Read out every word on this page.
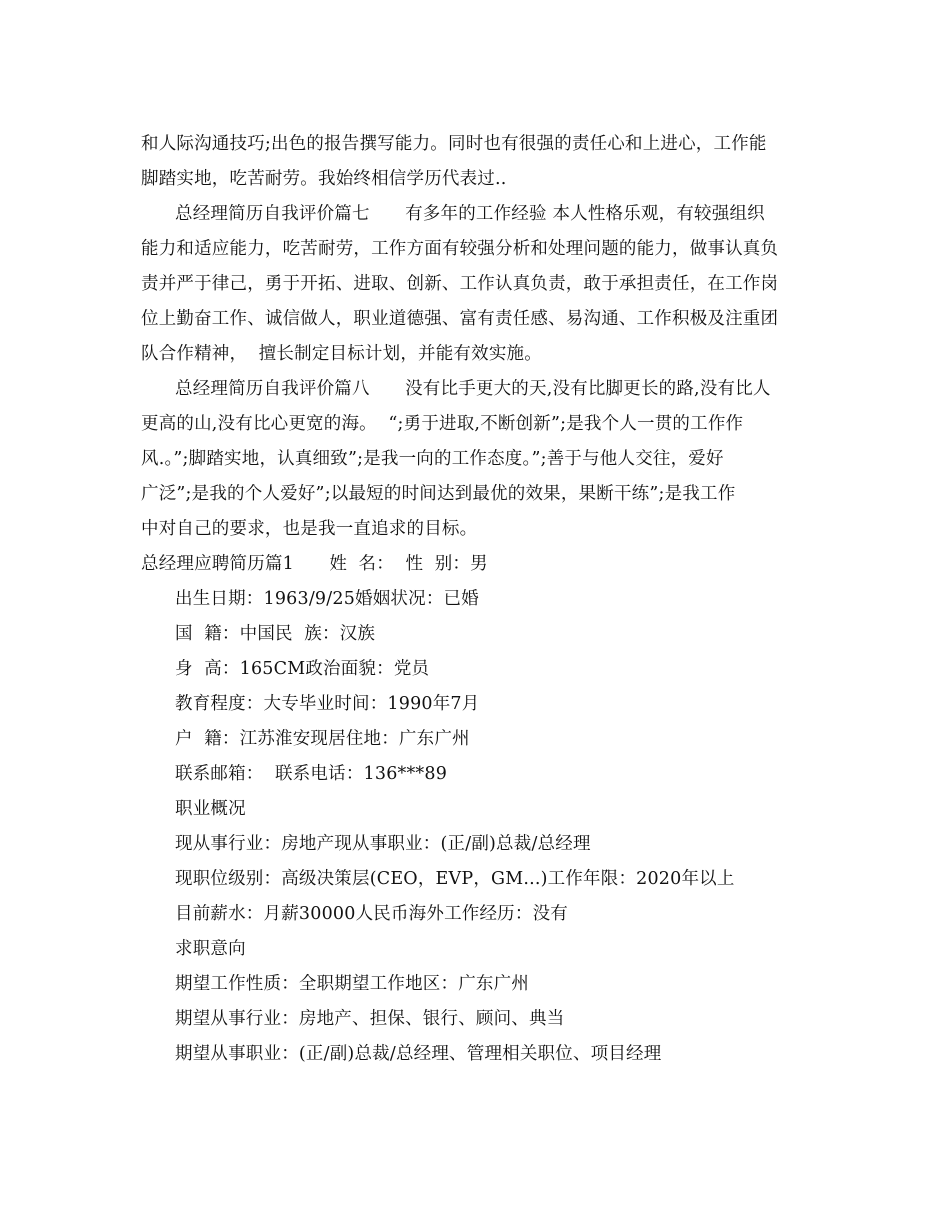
和人际沟通技巧;出色的报告撰写能力。同时也有很强的责任心和上进心，工作能
脚踏实地，吃苦耐劳。我始终相信学历代表过..
总经理简历自我评价篇七　　有多年的工作经验 本人性格乐观，有较强组织
能力和适应能力，吃苦耐劳，工作方面有较强分析和处理问题的能力，做事认真负
责并严于律己，勇于开拓、进取、创新、工作认真负责，敢于承担责任，在工作岗
位上勤奋工作、诚信做人，职业道德强、富有责任感、易沟通、工作积极及注重团
队合作精神，  擅长制定目标计划，并能有效实施。
总经理简历自我评价篇八　　没有比手更大的天,没有比脚更长的路,没有比人
更高的山,没有比心更宽的海。  “;勇于进取,不断创新”;是我个人一贯的工作作
风.。”;脚踏实地，认真细致”;是我一向的工作态度。”;善于与他人交往，爱好
广泛”;是我的个人爱好”;以最短的时间达到最优的效果，果断干练”;是我工作
中对自己的要求，也是我一直追求的目标。
总经理应聘简历篇1　　姓  名：  性  别：男
出生日期：1963/9/25婚姻状况：已婚
国  籍：中国民  族：汉族
身  高：165CM政治面貌：党员
教育程度：大专毕业时间：1990年7月
户  籍：江苏淮安现居住地：广东广州
联系邮箱：  联系电话：136***89
职业概况
现从事行业：房地产现从事职业：(正/副)总裁/总经理
现职位级别：高级决策层(CEO，EVP，GM...)工作年限：2020年以上
目前薪水：月薪30000人民币海外工作经历：没有
求职意向
期望工作性质：全职期望工作地区：广东广州
期望从事行业：房地产、担保、银行、顾问、典当
期望从事职业：(正/副)总裁/总经理、管理相关职位、项目经理
